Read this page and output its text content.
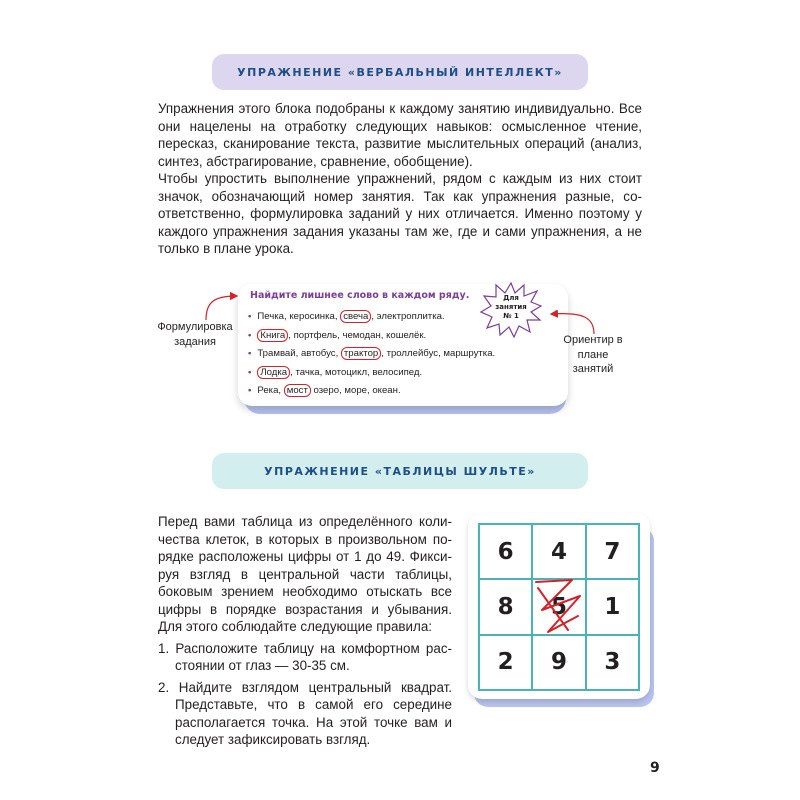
УПРАЖНЕНИЕ «ВЕРБАЛЬНЫЙ ИНТЕЛЛЕКТ»

Упражнения этого блока подобраны к каждому занятию индивидуально. Все они нацелены на отработку следующих навыков: осмысленное чтение, пересказ, сканирование текста, развитие мыслительных операций (анализ, синтез, абстрагирование, сравнение, обобщение).

Чтобы упростить выполнение упражнений, рядом с каждым из них стоит значок, обозначающий номер занятия. Так как упражнения разные, соответственно, формулировка заданий у них отличается. Именно поэтому у каждого упражнения задания указаны там же, где и сами упражнения, а не только в плане урока.

Найдите лишнее слово в каждом ряду.
• Печка, керосинка, свеча , электроплитка.
• Книга , портфель, чемодан, кошелёк.
• Трамвай, автобус, трактор , троллейбус, маршрутка.
• Лодка , тачка, мотоцикл, велосипед.
• Река, мост озеро, море, океан.
Для
занятия
№ 1
Формулировка задания	Ориентир в плане занятий
УПРАЖНЕНИЕ «ТАБЛИЦЫ ШУЛЬТЕ»

Перед вами таблица из определённого количества клеток, в которых в произвольном порядке расположены цифры от 1 до 49. Фиксируя взгляд в центральной части таблицы, боковым зрением необходимо отыскать все цифры в порядке возрастания и убывания. Для этого соблюдайте следующие правила:

1. Расположите таблицу на комфортном расстоянии от глаз — 30-35 см.

2. Найдите взглядом центральный квадрат. Представьте, что в самой его середине располагается точка. На этой точке вам и следует зафиксировать взгляд.

6	4	7
8	5	1
2	9	3
9
